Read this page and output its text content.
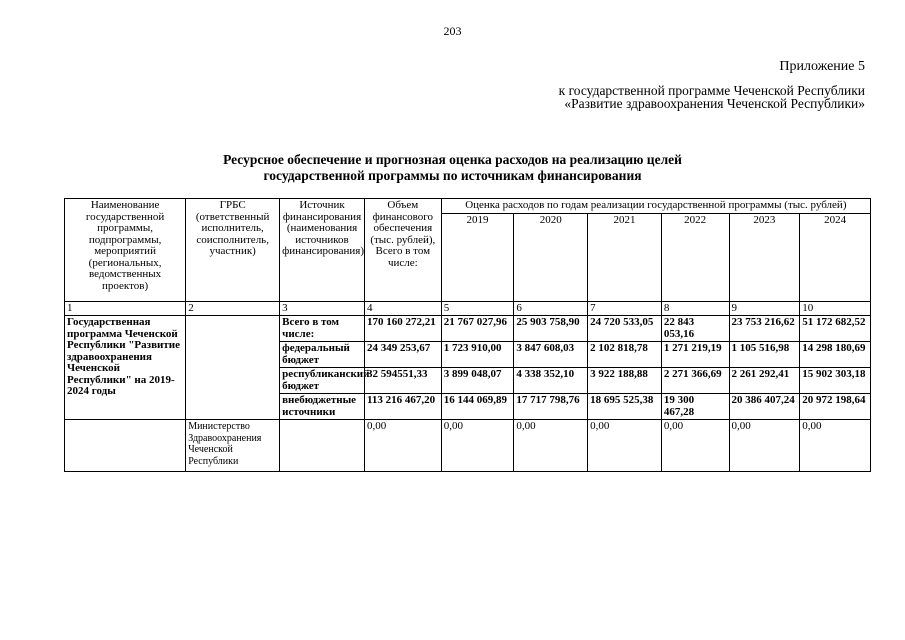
203
Приложение 5
к государственной программе Чеченской Республики
«Развитие здравоохранения Чеченской Республики»
Ресурсное обеспечение и прогнозная оценка расходов на реализацию целей
государственной программы по источникам финансирования
Наименование государственной программы, подпрограммы, мероприятий (региональных, ведомственных проектов)	ГРБС (ответственный исполнитель, соисполнитель, участник)	Источник финансирования (наименования источников финансирования)	Объем финансового обеспечения (тыс. рублей), Всего в том числе:	Оценка расходов по годам реализации государственной программы (тыс. рублей)					
				2019	2020	2021	2022	2023	2024
1	2	3	4	5	6	7	8	9	10
Государственная программа Чеченской Республики "Развитие здравоохранения Чеченской Республики" на 2019-2024 годы		Всего в том числе:	170 160 272,21	21 767 027,96	25 903 758,90	24 720 533,05	22 843 053,16	23 753 216,62	51 172 682,52
		федеральный бюджет	24 349 253,67	1 723 910,00	3 847 608,03	2 102 818,78	1 271 219,19	1 105 516,98	14 298 180,69
		республиканский бюджет	32 594551,33	3 899 048,07	4 338 352,10	3 922 188,88	2 271 366,69	2 261 292,41	15 902 303,18
		внебюджетные источники	113 216 467,20	16 144 069,89	17 717 798,76	18 695 525,38	19 300 467,28	20 386 407,24	20 972 198,64
	Министерство Здравоохранения Чеченской Республики		0,00	0,00	0,00	0,00	0,00	0,00	0,00
